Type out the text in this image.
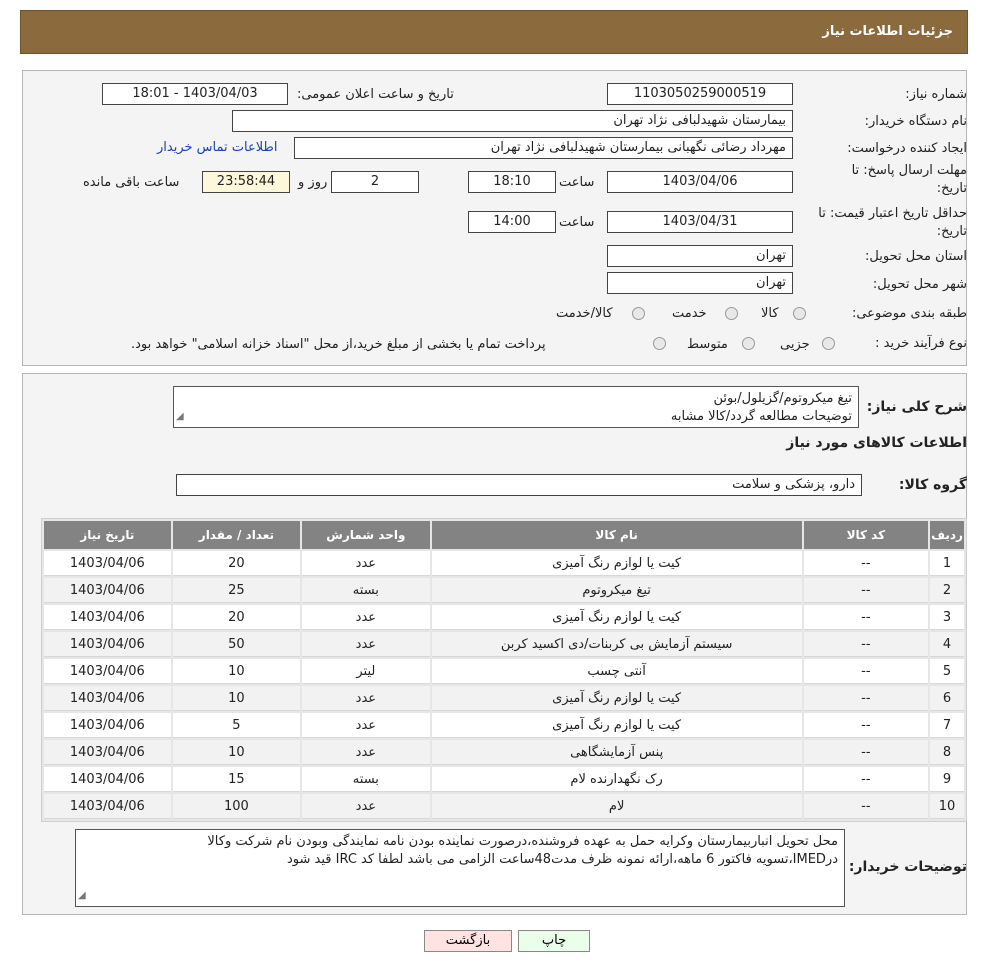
جزئیات اطلاعات نیاز
شماره نیاز:
1103050259000519
تاریخ و ساعت اعلان عمومی:
1403/04/03 - 18:01
نام دستگاه خریدار:
بیمارستان شهیدلبافی نژاد تهران
ایجاد کننده درخواست:
مهرداد رضائی نگهبانی بیمارستان شهیدلبافی نژاد تهران
اطلاعات تماس خریدار
مهلت ارسال پاسخ: تا
تاریخ:
1403/04/06
ساعت
18:10
2
روز و
23:58:44
ساعت باقی مانده
حداقل تاریخ اعتبار قیمت: تا
تاریخ:
1403/04/31
ساعت
14:00
استان محل تحویل:
تهران
شهر محل تحویل:
تهران
طبقه بندی موضوعی:
کالا
خدمت
کالا/خدمت
نوع فرآیند خرید :
جزیی
متوسط
پرداخت تمام یا بخشی از مبلغ خرید،از محل "اسناد خزانه اسلامی" خواهد بود.
ردیف	کد کالا	نام کالا	واحد شمارش	تعداد / مقدار	تاریخ نیاز
1	--	کیت یا لوازم رنگ آمیزی	عدد	20	1403/04/06
2	--	تیغ میکروتوم	بسته	25	1403/04/06
3	--	کیت یا لوازم رنگ آمیزی	عدد	20	1403/04/06
4	--	سیستم آزمایش بی کربنات/دی اکسید کربن	عدد	50	1403/04/06
5	--	آنتی چسب	لیتر	10	1403/04/06
6	--	کیت یا لوازم رنگ آمیزی	عدد	10	1403/04/06
7	--	کیت یا لوازم رنگ آمیزی	عدد	5	1403/04/06
8	--	پنس آزمایشگاهی	عدد	10	1403/04/06
9	--	رک نگهدارنده لام	بسته	15	1403/04/06
10	--	لام	عدد	100	1403/04/06
شرح کلی نیاز:
تیغ میکروتوم/گزیلول/بوئن
توضیحات مطالعه گردد/کالا مشابه
◢
اطلاعات کالاهای مورد نیاز
گروه کالا:
دارو، پزشکی و سلامت
توضیحات خریدار:
محل تحویل انباربیمارستان وکرایه حمل به عهده فروشنده،درصورت نماینده بودن نامه نمایندگی وبودن نام شرکت وکالا
درIMED،تسویه فاکتور 6 ماهه،ارائه نمونه ظرف مدت48ساعت الزامی می باشد لطفا کد IRC قید شود
◢
چاپ
بازگشت
